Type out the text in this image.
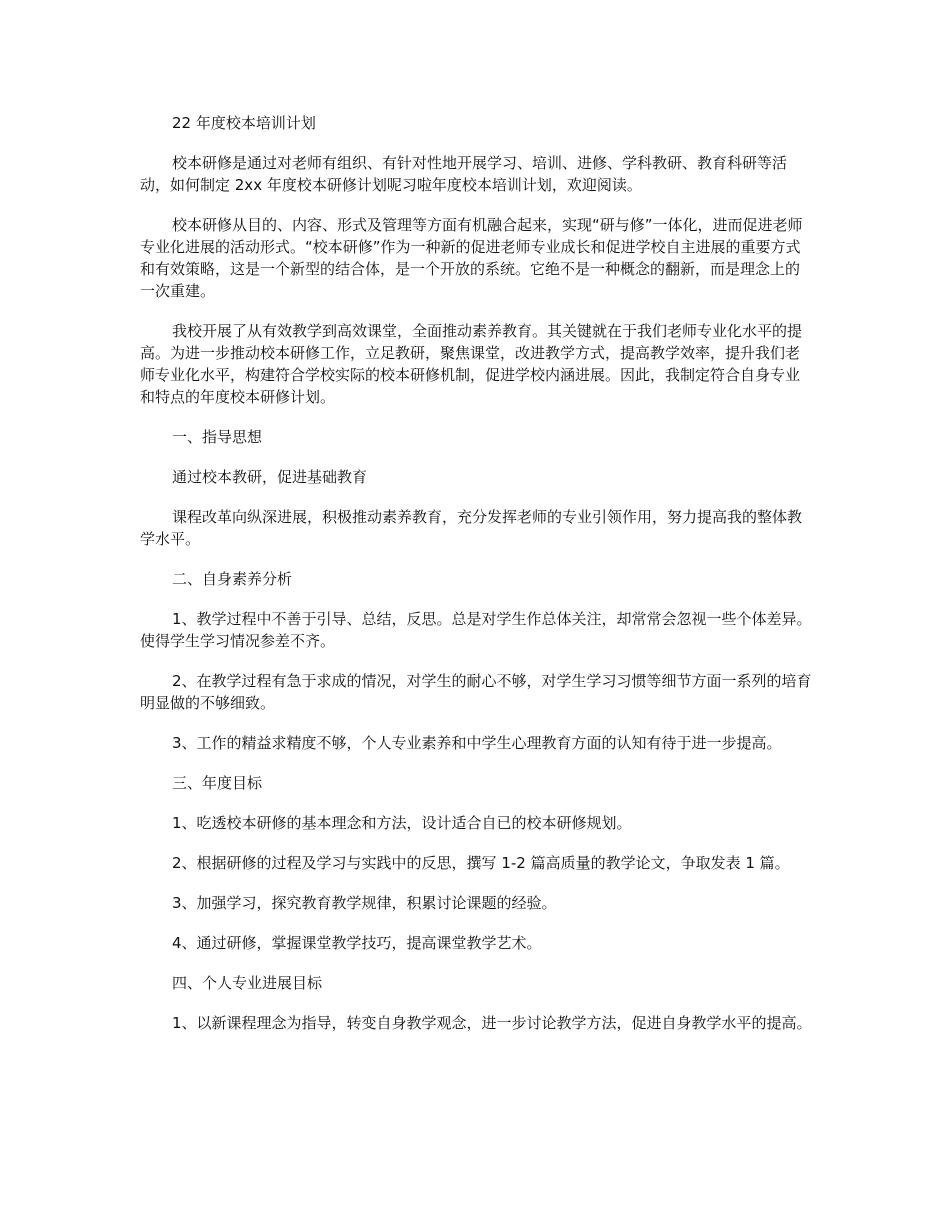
22 年度校本培训计划

校本研修是通过对老师有组织、有针对性地开展学习、培训、进修、学科教研、教育科研等活动，如何制定 2xx 年度校本研修计划呢习啦年度校本培训计划，欢迎阅读。

校本研修从目的、内容、形式及管理等方面有机融合起来，实现“研与修”一体化，进而促进老师专业化进展的活动形式。“校本研修”作为一种新的促进老师专业成长和促进学校自主进展的重要方式和有效策略，这是一个新型的结合体，是一个开放的系统。它绝不是一种概念的翻新，而是理念上的一次重建。

我校开展了从有效教学到高效课堂，全面推动素养教育。其关键就在于我们老师专业化水平的提高。为进一步推动校本研修工作，立足教研，聚焦课堂，改进教学方式，提高教学效率，提升我们老师专业化水平，构建符合学校实际的校本研修机制，促进学校内涵进展。因此，我制定符合自身专业和特点的年度校本研修计划。

一、指导思想

通过校本教研，促进基础教育

课程改革向纵深进展，积极推动素养教育，充分发挥老师的专业引领作用，努力提高我的整体教学水平。

二、自身素养分析

1、教学过程中不善于引导、总结，反思。总是对学生作总体关注，却常常会忽视一些个体差异。使得学生学习情况参差不齐。

2、在教学过程有急于求成的情况，对学生的耐心不够，对学生学习习惯等细节方面一系列的培育明显做的不够细致。

3、工作的精益求精度不够，个人专业素养和中学生心理教育方面的认知有待于进一步提高。

三、年度目标

1、吃透校本研修的基本理念和方法，设计适合自已的校本研修规划。

2、根据研修的过程及学习与实践中的反思，撰写 1-2 篇高质量的教学论文，争取发表 1 篇。

3、加强学习，探究教育教学规律，积累讨论课题的经验。

4、通过研修，掌握课堂教学技巧，提高课堂教学艺术。

四、个人专业进展目标

1、以新课程理念为指导，转变自身教学观念，进一步讨论教学方法，促进自身教学水平的提高。
